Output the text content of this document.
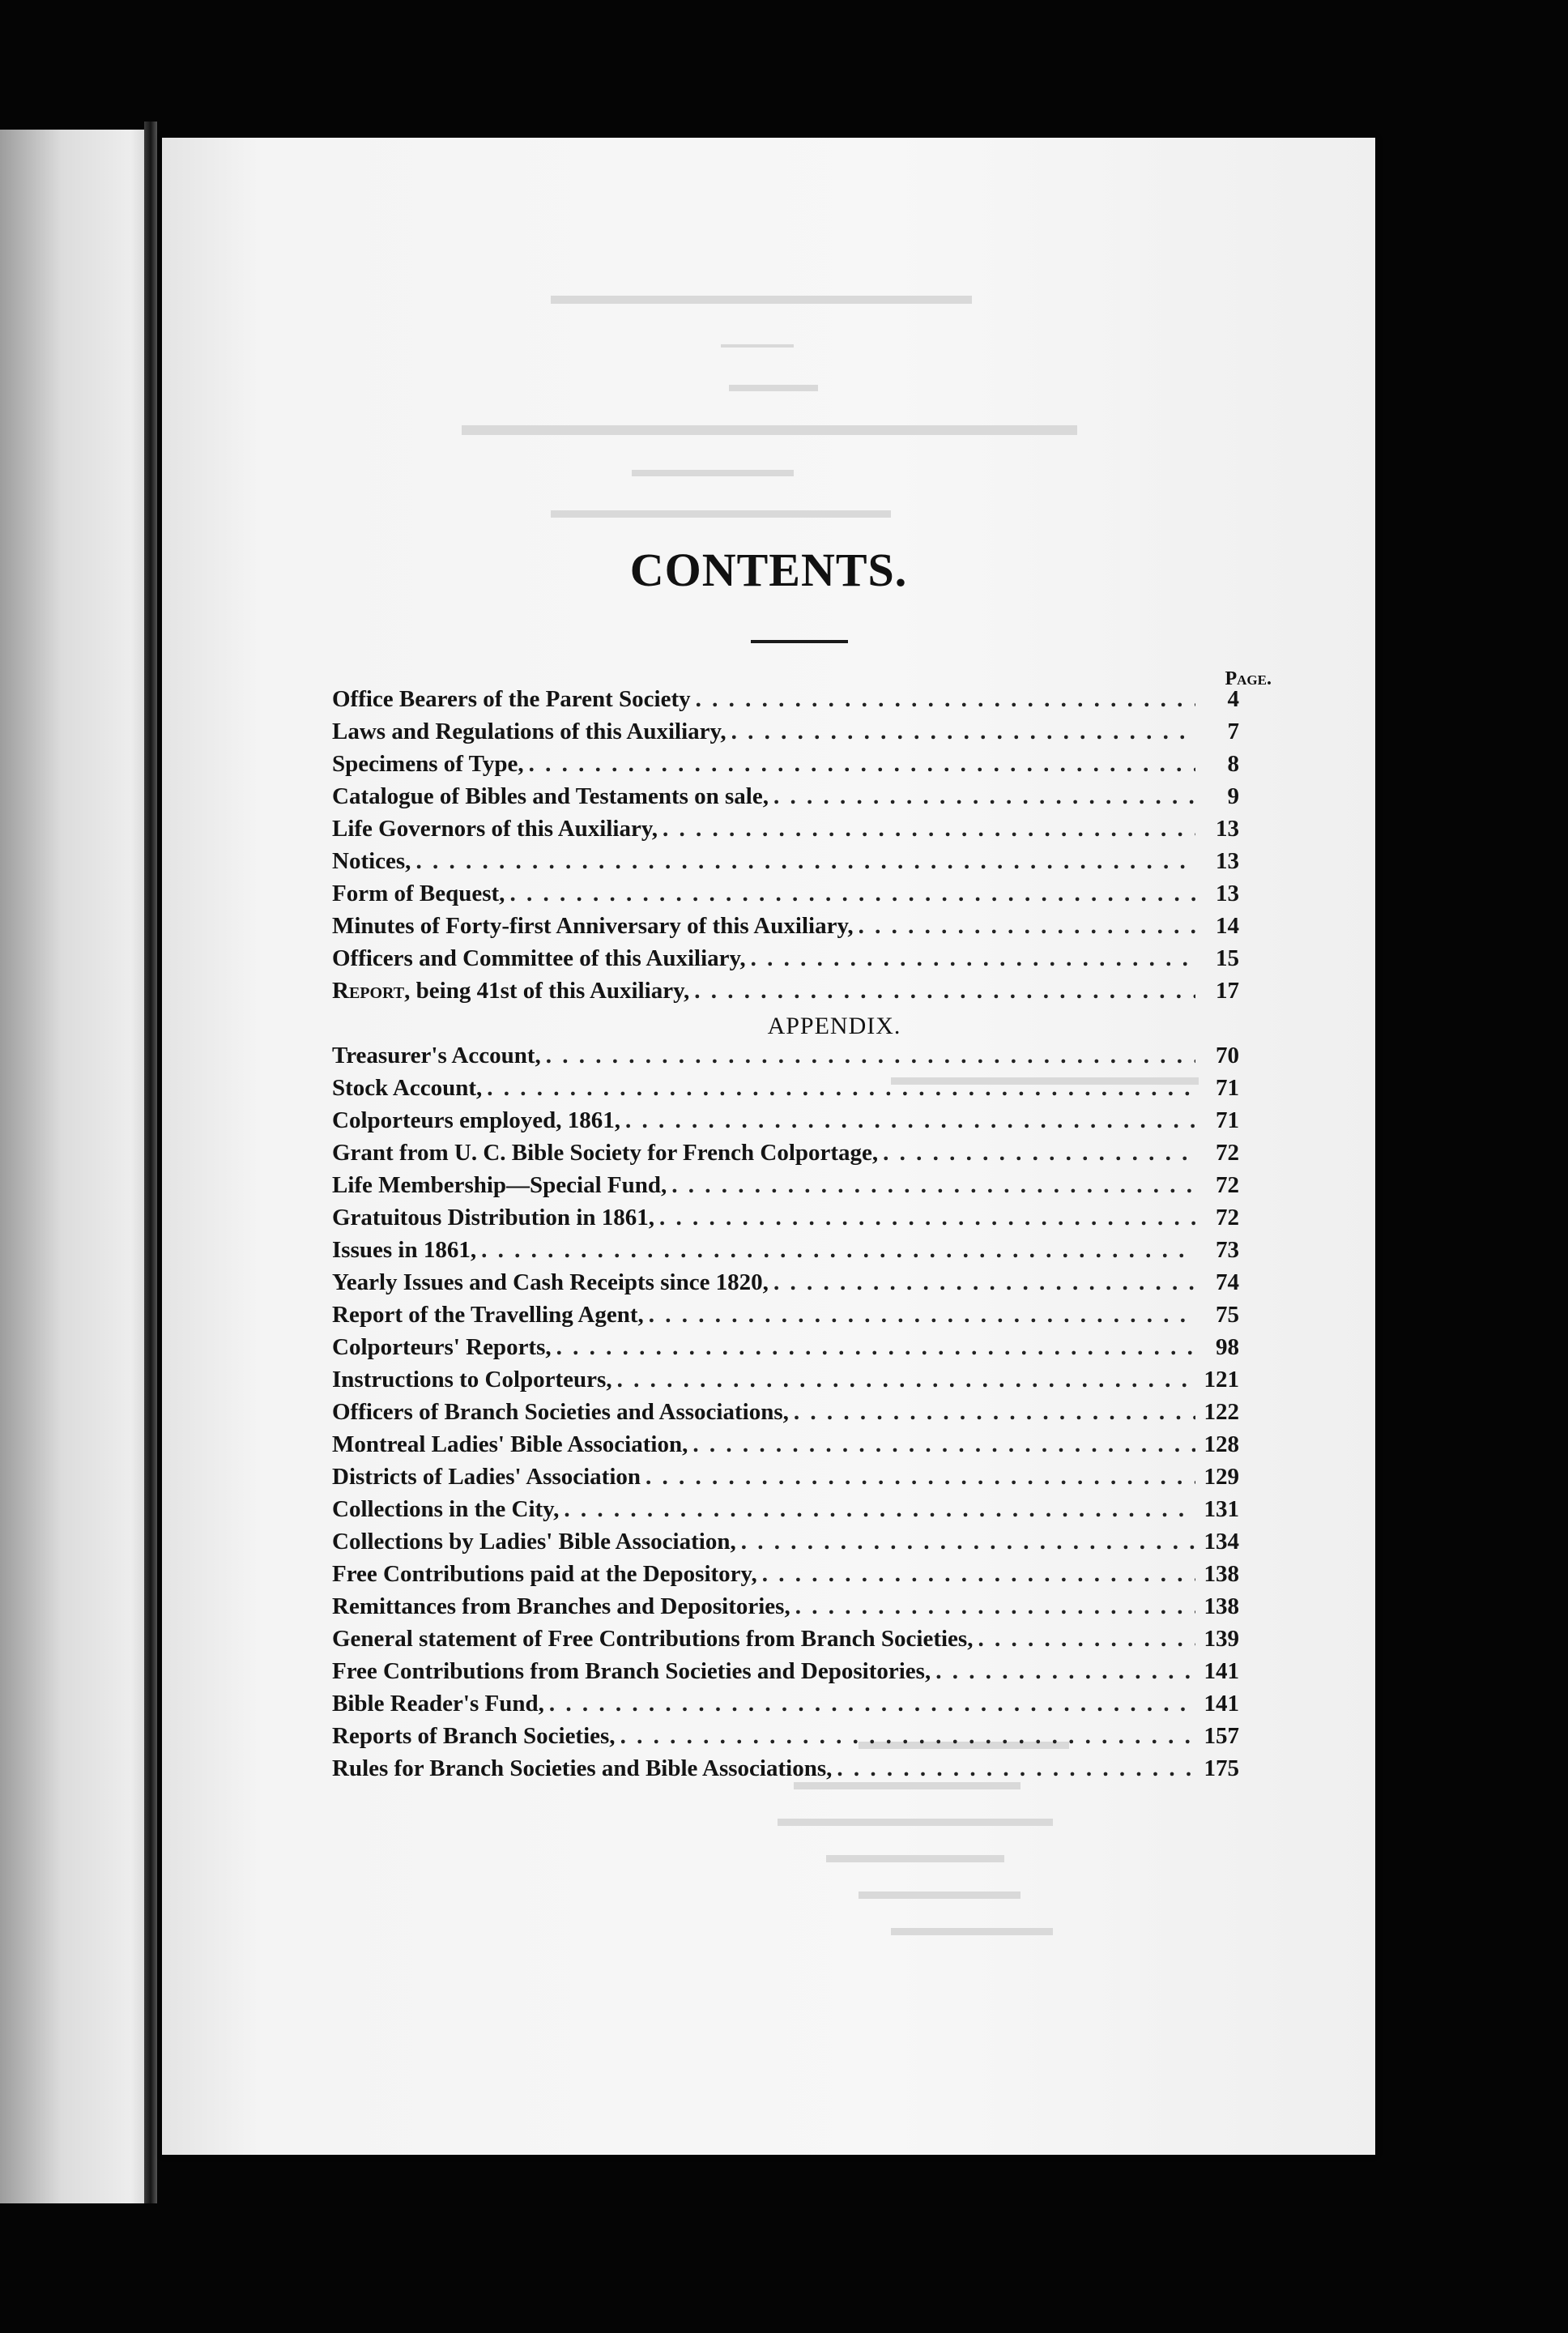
CONTENTS.
Page.
Office Bearers of the Parent Society . . .	4
Laws and Regulations of this Auxiliary, . . .	7
Specimens of Type, . . .	8
Catalogue of Bibles and Testaments on sale, . . .	9
Life Governors of this Auxiliary, . . .	13
Notices, . . .	13
Form of Bequest, . . .	13
Minutes of Forty-first Anniversary of this Auxiliary, . . .	14
Officers and Committee of this Auxiliary, . . .	15
Report, being 41st of this Auxiliary, . . .	17
APPENDIX.
Treasurer's Account, . . .	70
Stock Account, . . .	71
Colporteurs employed, 1861, . . .	71
Grant from U. C. Bible Society for French Colportage, . . .	72
Life Membership—Special Fund, . . .	72
Gratuitous Distribution in 1861, . . .	72
Issues in 1861, . . .	73
Yearly Issues and Cash Receipts since 1820, . . .	74
Report of the Travelling Agent, . . .	75
Colporteurs' Reports, . . .	98
Instructions to Colporteurs, . . .	121
Officers of Branch Societies and Associations, . . .	122
Montreal Ladies' Bible Association, . . .	128
Districts of Ladies' Association . . .	129
Collections in the City, . . .	131
Collections by Ladies' Bible Association, . . .	134
Free Contributions paid at the Depository, . . .	138
Remittances from Branches and Depositories, . . .	138
General statement of Free Contributions from Branch Societies, . . .	139
Free Contributions from Branch Societies and Depositories, . . .	141
Bible Reader's Fund, . . .	141
Reports of Branch Societies, . . .	157
Rules for Branch Societies and Bible Associations, . . .	175
